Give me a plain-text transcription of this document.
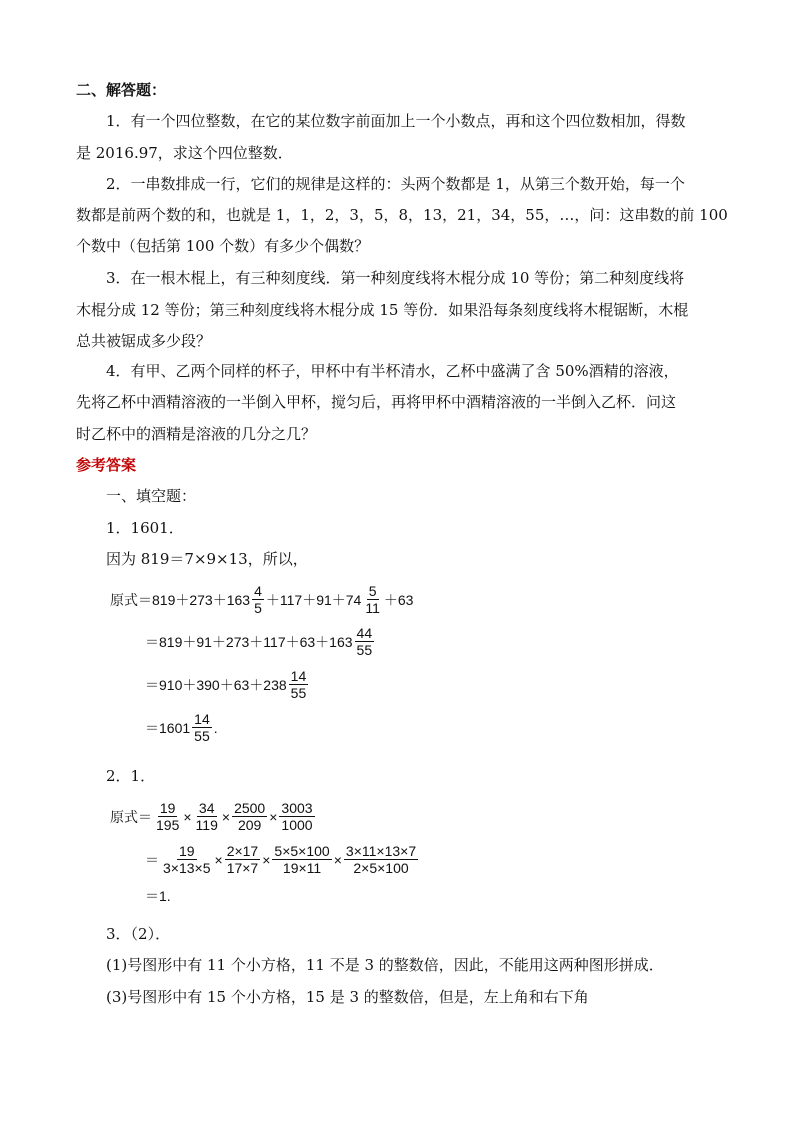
二、解答题：
1．有一个四位整数，在它的某位数字前面加上一个小数点，再和这个四位数相加，得数
是 2016.97，求这个四位整数．
2．一串数排成一行，它们的规律是这样的：头两个数都是 1，从第三个数开始，每一个
数都是前两个数的和，也就是 1，1，2，3，5，8，13，21，34，55，…，问：这串数的前 100
个数中（包括第 100 个数）有多少个偶数？
3．在一根木棍上，有三种刻度线．第一种刻度线将木棍分成 10 等份；第二种刻度线将
木棍分成 12 等份；第三种刻度线将木棍分成 15 等份．如果沿每条刻度线将木棍锯断，木棍
总共被锯成多少段？
4．有甲、乙两个同样的杯子，甲杯中有半杯清水，乙杯中盛满了含 50%酒精的溶液，
先将乙杯中酒精溶液的一半倒入甲杯，搅匀后，再将甲杯中酒精溶液的一半倒入乙杯．问这
时乙杯中的酒精是溶液的几分之几？
参考答案
一、填空题：
1．1601．
因为 819＝7×9×13，所以，
原式$=819+273+163 \frac{4}{5} +117+91+74 \frac{5}{11} +63$
$=819+91+273+117+63+163 \frac{44}{55}$
$=910+390+63+238 \frac{14}{55}$
$=1601 \frac{14}{55}$ .
2．1．
原式＝ $\frac{19}{195} \times \frac{34}{119} \times \frac{2500}{209} \times \frac{3003}{1000}$
＝ $\frac{19}{3\times 13\times 5} \times \frac{2\times 17}{17\times 7} \times \frac{5\times 5\times 100}{19\times 11} \times \frac{3\times 11\times 13\times 7}{2\times 5\times 100}$
＝1.
3．（2）．
(1)号图形中有 11 个小方格，11 不是 3 的整数倍，因此，不能用这两种图形拼成．
(3)号图形中有 15 个小方格，15 是 3 的整数倍，但是，左上角和右下角
